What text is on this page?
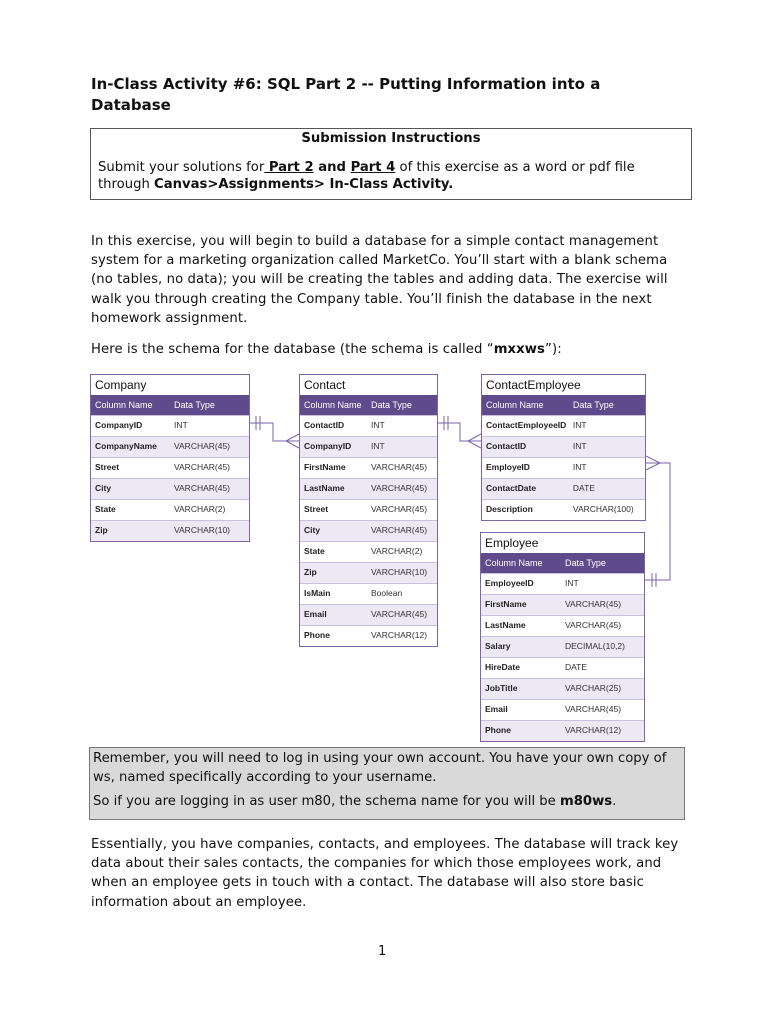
In-Class Activity #6: SQL Part 2 -- Putting Information into a Database
Submission Instructions
Submit your solutions for Part 2 and Part 4 of this exercise as a word or pdf file
through Canvas>Assignments> In-Class Activity.
In this exercise, you will begin to build a database for a simple contact management system for a marketing organization called MarketCo. You’ll start with a blank schema (no tables, no data); you will be creating the tables and adding data. The exercise will walk you through creating the Company table. You’ll finish the database in the next homework assignment.
Here is the schema for the database (the schema is called “mxxws”):
Company
Column Name	Data Type
CompanyID	INT
CompanyName	VARCHAR(45)
Street	VARCHAR(45)
City	VARCHAR(45)
State	VARCHAR(2)
Zip	VARCHAR(10)
Contact
Column Name	Data Type
ContactID	INT
CompanyID	INT
FirstName	VARCHAR(45)
LastName	VARCHAR(45)
Street	VARCHAR(45)
City	VARCHAR(45)
State	VARCHAR(2)
Zip	VARCHAR(10)
IsMain	Boolean
Email	VARCHAR(45)
Phone	VARCHAR(12)
ContactEmployee
Column Name	Data Type
ContactEmployeeID INT
ContactID	INT
EmployeID	INT
ContactDate	DATE
Description	VARCHAR(100)
Employee
Column Name	Data Type
EmployeeID	INT
FirstName	VARCHAR(45)
LastName	VARCHAR(45)
Salary	DECIMAL(10,2)
HireDate	DATE
JobTitle	VARCHAR(25)
Email	VARCHAR(45)
Phone	VARCHAR(12)

Remember, you will need to log in using your own account. You have your own copy of ws, named specifically according to your username.

So if you are logging in as user m80, the schema name for you will be m80ws.

Essentially, you have companies, contacts, and employees. The database will track key data about their sales contacts, the companies for which those employees work, and when an employee gets in touch with a contact. The database will also store basic information about an employee.
1
